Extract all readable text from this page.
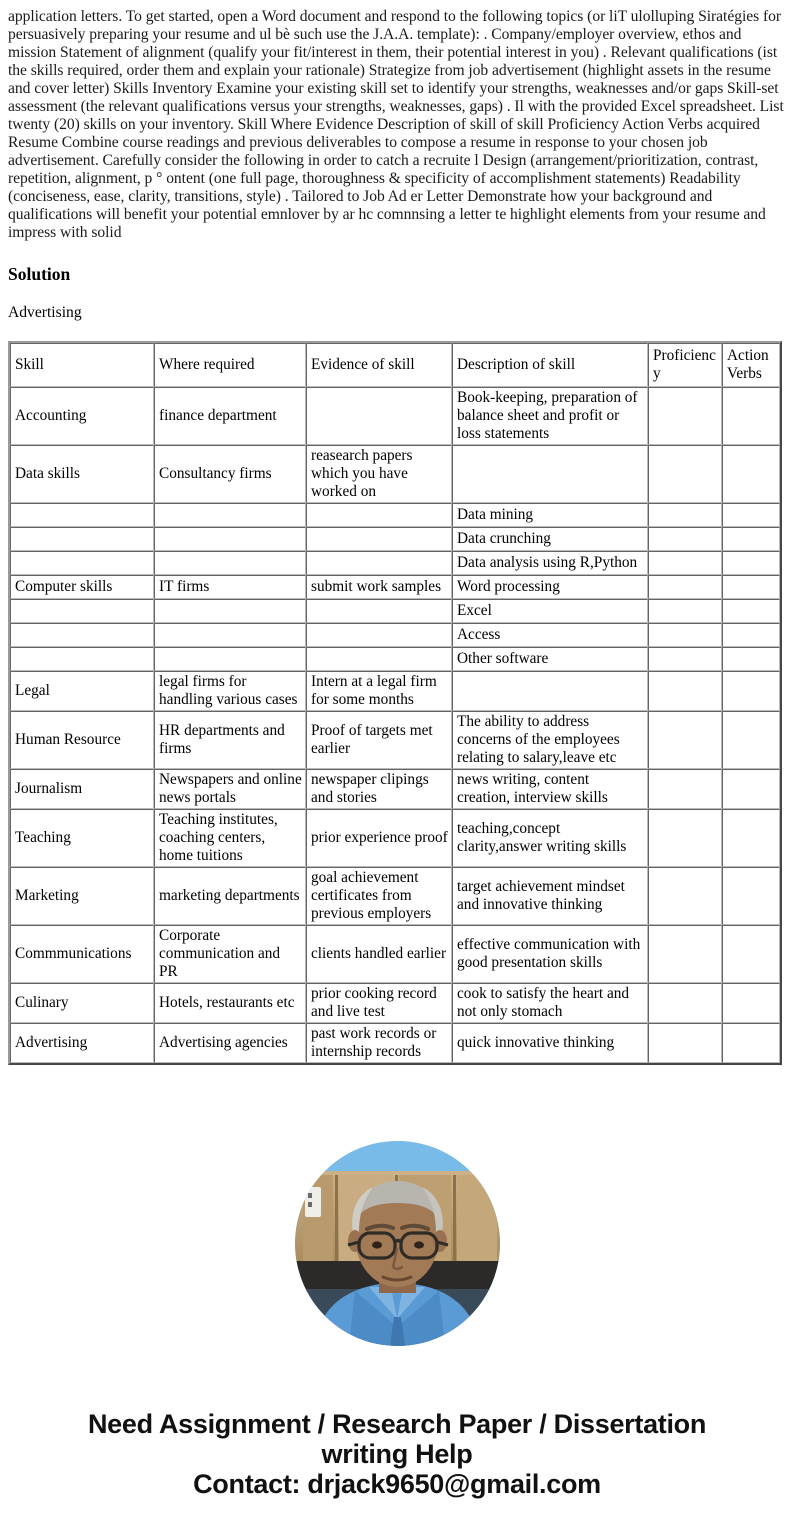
application letters. To get started, open a Word document and respond to the following topics (or liT ulolluping Siratégies for persuasively preparing your resume and ul bè such use the J.A.A. template): . Company/employer overview, ethos and mission Statement of alignment (qualify your fit/interest in them, their potential interest in you) . Relevant qualifications (ist the skills required, order them and explain your rationale) Strategize from job advertisement (highlight assets in the resume and cover letter) Skills Inventory Examine your existing skill set to identify your strengths, weaknesses and/or gaps Skill-set assessment (the relevant qualifications versus your strengths, weaknesses, gaps) . Il with the provided Excel spreadsheet. List twenty (20) skills on your inventory. Skill Where Evidence Description of skill of skill Proficiency Action Verbs acquired Resume Combine course readings and previous deliverables to compose a resume in response to your chosen job advertisement. Carefully consider the following in order to catch a recruite l Design (arrangement/prioritization, contrast, repetition, alignment, p ° ontent (one full page, thoroughness & specificity of accomplishment statements) Readability (conciseness, ease, clarity, transitions, style) . Tailored to Job Ad er Letter Demonstrate how your background and qualifications will benefit your potential emnlover by ar hc comnnsing a letter te highlight elements from your resume and impress with solid

Solution

Advertising

Skill	Where required	Evidence of skill	Description of skill	Proficiency	Action Verbs
Accounting	finance department		Book-keeping, preparation of balance sheet and profit or loss statements		
Data skills	Consultancy firms	reasearch papers which you have worked on			
			Data mining		
			Data crunching		
			Data analysis using R,Python		
Computer skills	IT firms	submit work samples	Word processing		
			Excel		
			Access		
			Other software		
Legal	legal firms for handling various cases	Intern at a legal firm for some months			
Human Resource	HR departments and firms	Proof of targets met earlier	The ability to address concerns of the employees relating to salary,leave etc		
Journalism	Newspapers and online news portals	newspaper clipings and stories	news writing, content creation, interview skills		
Teaching	Teaching institutes, coaching centers, home tuitions	prior experience proof	teaching,concept clarity,answer writing skills		
Marketing	marketing departments	goal achievement certificates from previous employers	target achievement mindset and innovative thinking		
Commmunications	Corporate communication and PR	clients handled earlier	effective communication with good presentation skills		
Culinary	Hotels, restaurants etc	prior cooking record and live test	cook to satisfy the heart and not only stomach		
Advertising	Advertising agencies	past work records or internship records	quick innovative thinking		
Need Assignment / Research Paper / Dissertation
writing Help
Contact: drjack9650@gmail.com
